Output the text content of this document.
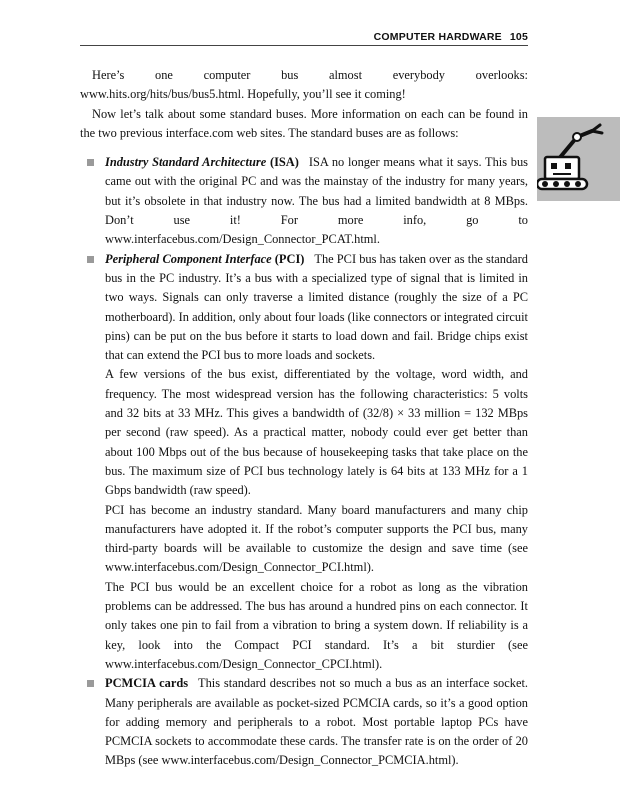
COMPUTER HARDWARE 105

Here’s one computer bus almost everybody overlooks: www.hits.org/hits/bus/bus5.html. Hopefully, you’ll see it coming!

Now let’s talk about some standard buses. More information on each can be found in the two previous interface.com web sites. The standard buses are as follows:

Industry Standard Architecture (ISA) ISA no longer means what it says. This bus came out with the original PC and was the mainstay of the industry for many years, but it’s obsolete in that industry now. The bus had a limited bandwidth at 8 MBps. Don’t use it! For more info, go to www.interfacebus.com/Design_Connector_PCAT.html.

Peripheral Component Interface (PCI) The PCI bus has taken over as the standard bus in the PC industry. It’s a bus with a specialized type of signal that is limited in two ways. Signals can only traverse a limited distance (roughly the size of a PC motherboard). In addition, only about four loads (like connectors or integrated circuit pins) can be put on the bus before it starts to load down and fail. Bridge chips exist that can extend the PCI bus to more loads and sockets.

A few versions of the bus exist, differentiated by the voltage, word width, and frequency. The most widespread version has the following characteristics: 5 volts and 32 bits at 33 MHz. This gives a bandwidth of (32/8) × 33 million = 132 MBps per second (raw speed). As a practical matter, nobody could ever get better than about 100 Mbps out of the bus because of housekeeping tasks that take place on the bus. The maximum size of PCI bus technology lately is 64 bits at 133 MHz for a 1 Gbps bandwidth (raw speed).

PCI has become an industry standard. Many board manufacturers and many chip manufacturers have adopted it. If the robot’s computer supports the PCI bus, many third-party boards will be available to customize the design and save time (see www.interfacebus.com/Design_Connector_PCI.html).

The PCI bus would be an excellent choice for a robot as long as the vibration problems can be addressed. The bus has around a hundred pins on each connector. It only takes one pin to fail from a vibration to bring a system down. If reliability is a key, look into the Compact PCI standard. It’s a bit sturdier (see www.interfacebus.com/Design_Connector_CPCI.html).

PCMCIA cards This standard describes not so much a bus as an interface socket. Many peripherals are available as pocket-sized PCMCIA cards, so it’s a good option for adding memory and peripherals to a robot. Most portable laptop PCs have PCMCIA sockets to accommodate these cards. The transfer rate is on the order of 20 MBps (see www.interfacebus.com/Design_Connector_PCMCIA.html).
